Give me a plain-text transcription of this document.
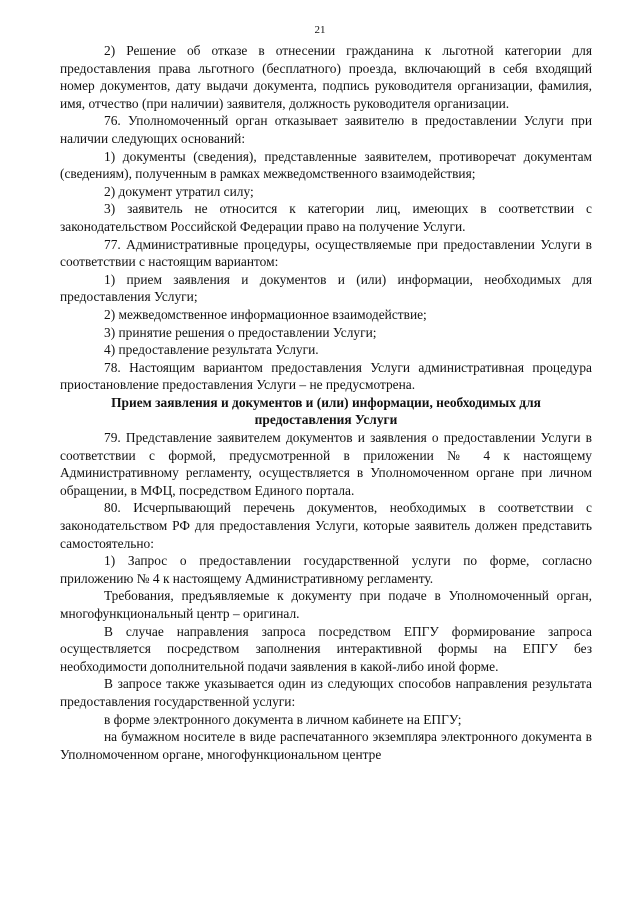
21

2) Решение об отказе в отнесении гражданина к льготной категории для предоставления права льготного (бесплатного) проезда, включающий в себя входящий номер документов, дату выдачи документа, подпись руководителя организации, фамилия, имя, отчество (при наличии) заявителя, должность руководителя организации.

76. Уполномоченный орган отказывает заявителю в предоставлении Услуги при наличии следующих оснований:

1) документы (сведения), представленные заявителем, противоречат документам (сведениям), полученным в рамках межведомственного взаимодействия;

2) документ утратил силу;

3) заявитель не относится к категории лиц, имеющих в соответствии с законодательством Российской Федерации право на получение Услуги.

77. Административные процедуры, осуществляемые при предоставлении Услуги в соответствии с настоящим вариантом:

1) прием заявления и документов и (или) информации, необходимых для предоставления Услуги;

2) межведомственное информационное взаимодействие;

3) принятие решения о предоставлении Услуги;

4) предоставление результата Услуги.

78. Настоящим вариантом предоставления Услуги административная процедура приостановление предоставления Услуги – не предусмотрена.

Прием заявления и документов и (или) информации, необходимых для предоставления Услуги

79. Представление заявителем документов и заявления о предоставлении Услуги в соответствии с формой, предусмотренной в приложении № 4 к настоящему Административному регламенту, осуществляется в Уполномоченном органе при личном обращении, в МФЦ, посредством Единого портала.

80. Исчерпывающий перечень документов, необходимых в соответствии с законодательством РФ для предоставления Услуги, которые заявитель должен представить самостоятельно:

1) Запрос о предоставлении государственной услуги по форме, согласно приложению № 4 к настоящему Административному регламенту.

Требования, предъявляемые к документу при подаче в Уполномоченный орган, многофункциональный центр – оригинал.

В случае направления запроса посредством ЕПГУ формирование запроса осуществляется посредством заполнения интерактивной формы на ЕПГУ без необходимости дополнительной подачи заявления в какой-либо иной форме.

В запросе также указывается один из следующих способов направления результата предоставления государственной услуги:

в форме электронного документа в личном кабинете на ЕПГУ;

на бумажном носителе в виде распечатанного экземпляра электронного документа в Уполномоченном органе, многофункциональном центре
